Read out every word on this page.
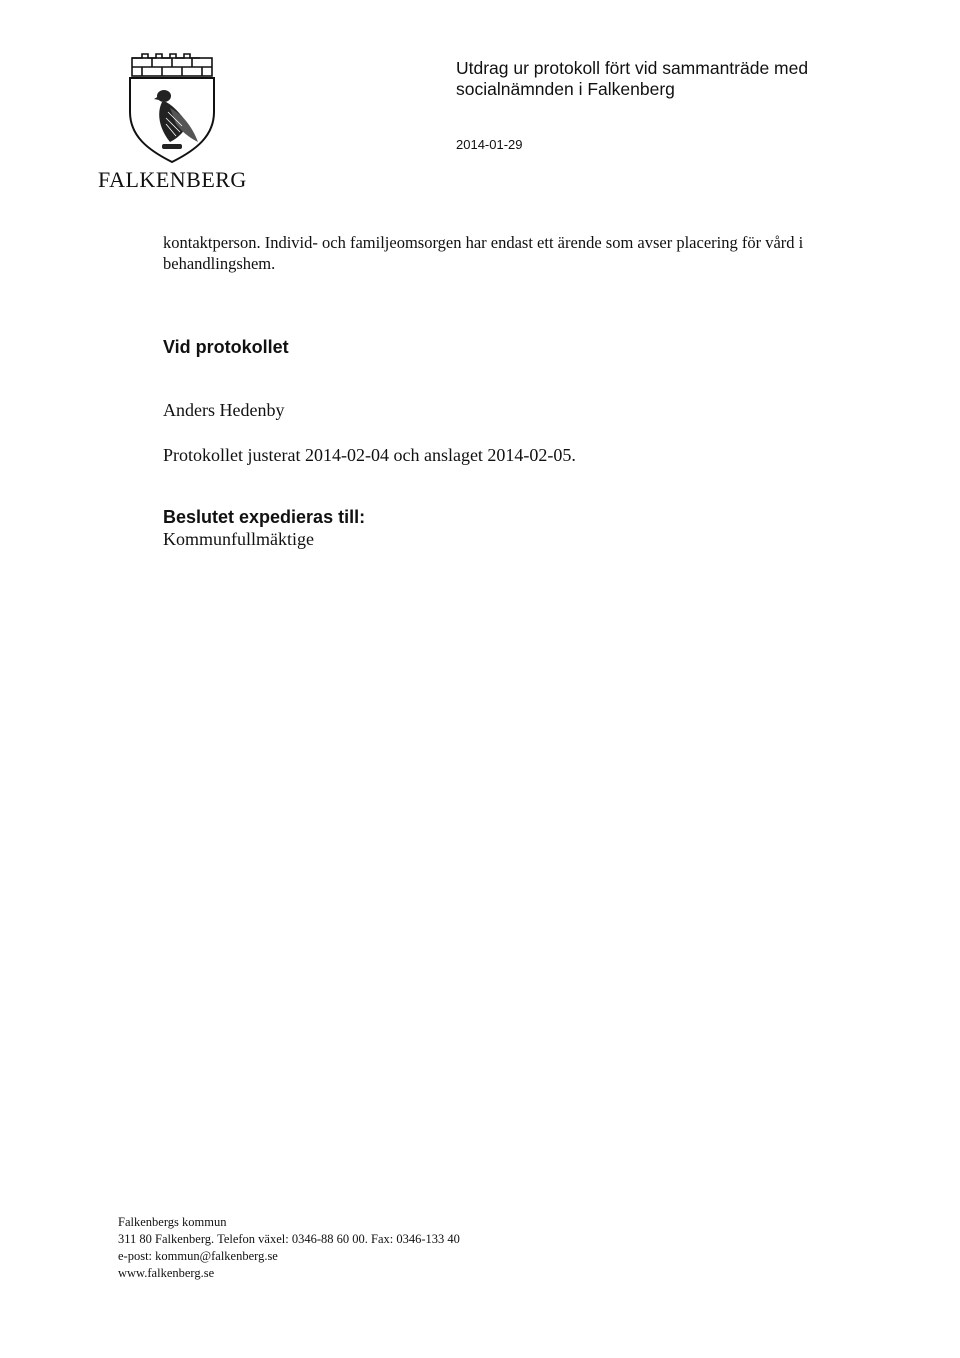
FALKENBERG
Utdrag ur protokoll fört vid sammanträde med
socialnämnden i Falkenberg
2014-01-29
kontaktperson. Individ- och familjeomsorgen har endast ett ärende som avser placering för vård i
behandlingshem.
Vid protokollet
Anders Hedenby
Protokollet justerat 2014-02-04 och anslaget 2014-02-05.
Beslutet expedieras till:
Kommunfullmäktige
Falkenbergs kommun
311 80 Falkenberg. Telefon växel: 0346-88 60 00. Fax: 0346-133 40
e-post: kommun@falkenberg.se
www.falkenberg.se
